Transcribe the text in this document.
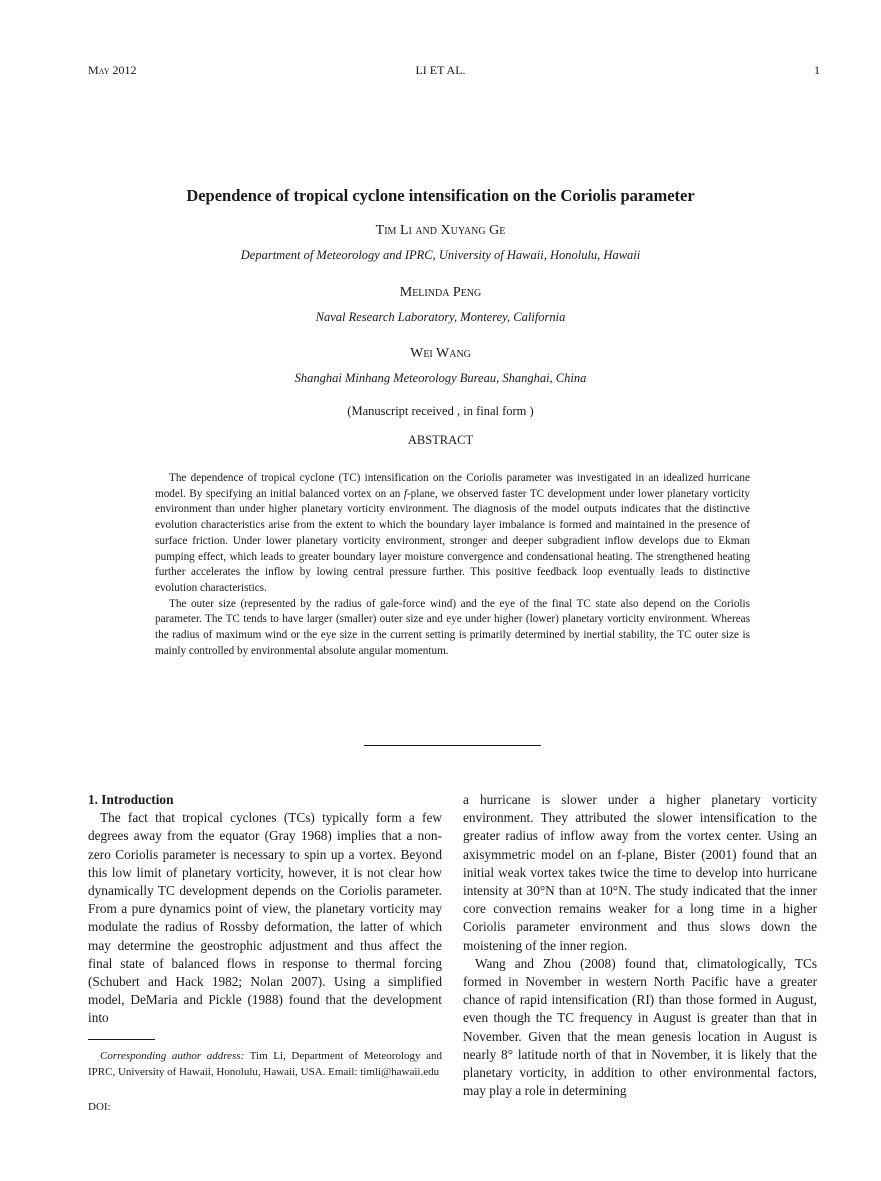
May 2012	LI ET AL.	1
Dependence of tropical cyclone intensification on the Coriolis parameter
Tim Li and Xuyang Ge
Department of Meteorology and IPRC, University of Hawaii, Honolulu, Hawaii
Melinda Peng
Naval Research Laboratory, Monterey, California
Wei Wang
Shanghai Minhang Meteorology Bureau, Shanghai, China
(Manuscript received , in final form )
ABSTRACT

The dependence of tropical cyclone (TC) intensification on the Coriolis parameter was investigated in an idealized hurricane model. By specifying an initial balanced vortex on an f-plane, we observed faster TC development under lower planetary vorticity environment than under higher planetary vorticity environment. The diagnosis of the model outputs indicates that the distinctive evolution characteristics arise from the extent to which the boundary layer imbalance is formed and maintained in the presence of surface friction. Under lower planetary vorticity environment, stronger and deeper subgradient inflow develops due to Ekman pumping effect, which leads to greater boundary layer moisture convergence and condensational heating. The strengthened heating further accelerates the inflow by lowing central pressure further. This positive feedback loop eventually leads to distinctive evolution characteristics.

The outer size (represented by the radius of gale-force wind) and the eye of the final TC state also depend on the Coriolis parameter. The TC tends to have larger (smaller) outer size and eye under higher (lower) planetary vorticity environment. Whereas the radius of maximum wind or the eye size in the current setting is primarily determined by inertial stability, the TC outer size is mainly controlled by environmental absolute angular momentum.

1. Introduction

The fact that tropical cyclones (TCs) typically form a few degrees away from the equator (Gray 1968) implies that a non-zero Coriolis parameter is necessary to spin up a vortex. Beyond this low limit of planetary vorticity, however, it is not clear how dynamically TC development depends on the Coriolis parameter. From a pure dynamics point of view, the planetary vorticity may modulate the radius of Rossby deformation, the latter of which may determine the geostrophic adjustment and thus affect the final state of balanced flows in response to thermal forcing (Schubert and Hack 1982; Nolan 2007). Using a simplified model, DeMaria and Pickle (1988) found that the development into

Corresponding author address: Tim Li, Department of Meteorology and IPRC, University of Hawaii, Honolulu, Hawaii, USA. Email: timli@hawaii.edu

DOI:

a hurricane is slower under a higher planetary vorticity environment. They attributed the slower intensification to the greater radius of inflow away from the vortex center. Using an axisymmetric model on an f-plane, Bister (2001) found that an initial weak vortex takes twice the time to develop into hurricane intensity at 30°N than at 10°N. The study indicated that the inner core convection remains weaker for a long time in a higher Coriolis parameter environment and thus slows down the moistening of the inner region.

Wang and Zhou (2008) found that, climatologically, TCs formed in November in western North Pacific have a greater chance of rapid intensification (RI) than those formed in August, even though the TC frequency in August is greater than that in November. Given that the mean genesis location in August is nearly 8° latitude north of that in November, it is likely that the planetary vorticity, in addition to other environmental factors, may play a role in determining
